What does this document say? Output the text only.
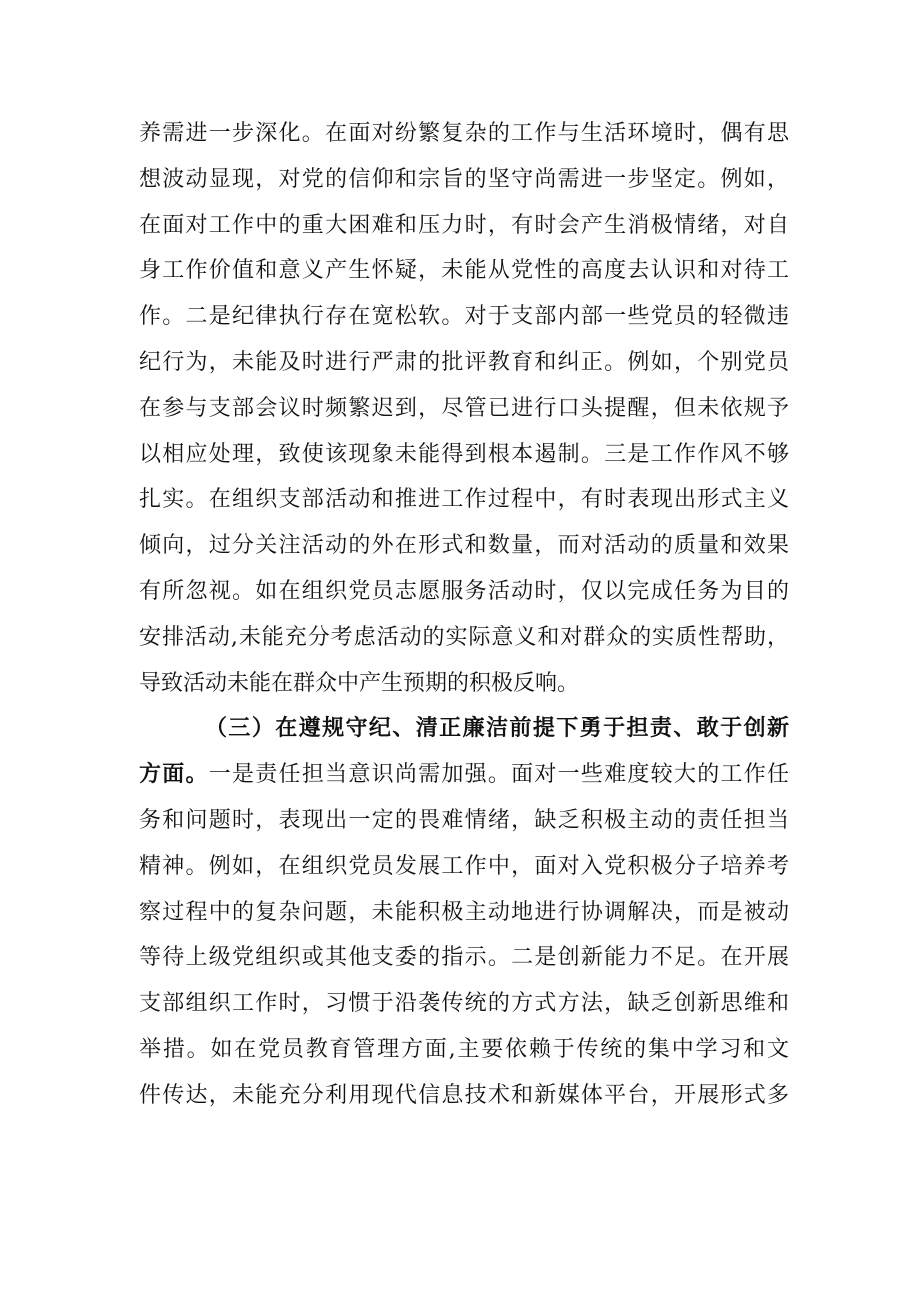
养需进一步深化。在面对纷繁复杂的工作与生活环境时，偶有思
想波动显现，对党的信仰和宗旨的坚守尚需进一步坚定。例如，
在面对工作中的重大困难和压力时，有时会产生消极情绪，对自
身工作价值和意义产生怀疑，未能从党性的高度去认识和对待工
作。二是纪律执行存在宽松软。对于支部内部一些党员的轻微违
纪行为，未能及时进行严肃的批评教育和纠正。例如，个别党员
在参与支部会议时频繁迟到，尽管已进行口头提醒，但未依规予
以相应处理，致使该现象未能得到根本遏制。三是工作作风不够
扎实。在组织支部活动和推进工作过程中，有时表现出形式主义
倾向，过分关注活动的外在形式和数量，而对活动的质量和效果
有所忽视。如在组织党员志愿服务活动时，仅以完成任务为目的
安排活动,未能充分考虑活动的实际意义和对群众的实质性帮助，
导致活动未能在群众中产生预期的积极反响。
（三）在遵规守纪、清正廉洁前提下勇于担责、敢于创新
方面。一是责任担当意识尚需加强。面对一些难度较大的工作任
务和问题时，表现出一定的畏难情绪，缺乏积极主动的责任担当
精神。例如，在组织党员发展工作中，面对入党积极分子培养考
察过程中的复杂问题，未能积极主动地进行协调解决，而是被动
等待上级党组织或其他支委的指示。二是创新能力不足。在开展
支部组织工作时，习惯于沿袭传统的方式方法，缺乏创新思维和
举措。如在党员教育管理方面,主要依赖于传统的集中学习和文
件传达，未能充分利用现代信息技术和新媒体平台，开展形式多
